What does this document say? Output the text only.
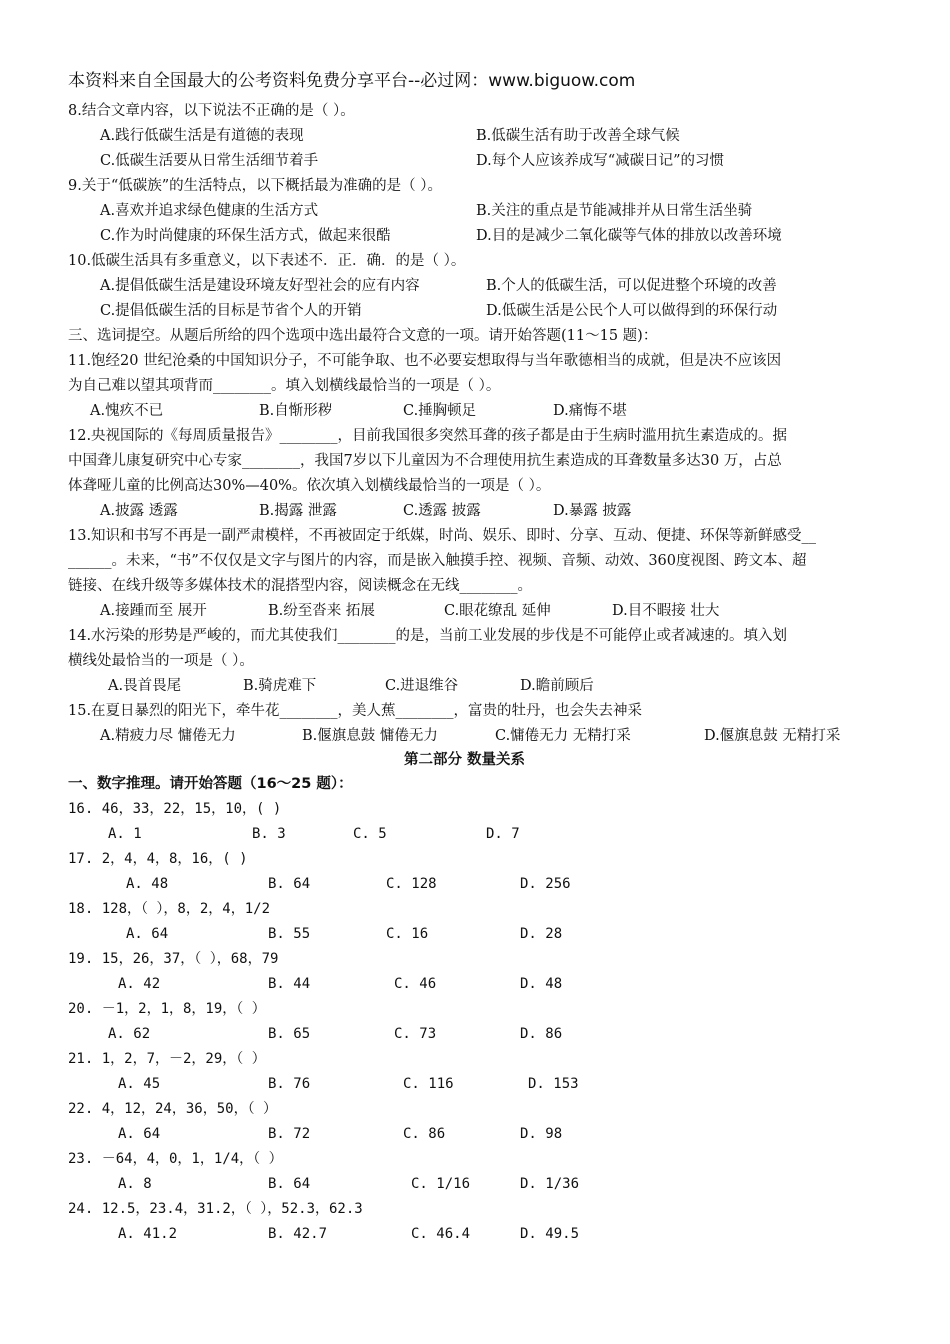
本资料来自全国最大的公考资料免费分享平台--必过网：www.biguow.com
8.结合文章内容，以下说法不正确的是（ ）。
A.践行低碳生活是有道德的表现	B.低碳生活有助于改善全球气候
C.低碳生活要从日常生活细节着手	D.每个人应该养成写“减碳日记”的习惯
9.关于“低碳族”的生活特点，以下概括最为准确的是（ ）。
A.喜欢并追求绿色健康的生活方式	B.关注的重点是节能减排并从日常生活坐骑
C.作为时尚健康的环保生活方式，做起来很酷	D.目的是减少二氧化碳等气体的排放以改善环境
10.低碳生活具有多重意义，以下表述不．正．确．的是（ ）。
A.提倡低碳生活是建设环境友好型社会的应有内容	B.个人的低碳生活，可以促进整个环境的改善
C.提倡低碳生活的目标是节省个人的开销	D.低碳生活是公民个人可以做得到的环保行动
三、选词提空。从题后所给的四个选项中选出最符合文意的一项。请开始答题(11～15 题)：
11.饱经20 世纪沧桑的中国知识分子，不可能争取、也不必要妄想取得与当年歌德相当的成就，但是决不应该因
为自己难以望其项背而________。填入划横线最恰当的一项是（ ）。
A.愧疚不已	B.自惭形秽	C.捶胸顿足	D.痛悔不堪
12.央视国际的《每周质量报告》________，目前我国很多突然耳聋的孩子都是由于生病时滥用抗生素造成的。据
中国聋儿康复研究中心专家________，我国7岁以下儿童因为不合理使用抗生素造成的耳聋数量多达30 万，占总
体聋哑儿童的比例高达30%—40%。依次填入划横线最恰当的一项是（ ）。
A.披露 透露	B.揭露 泄露	C.透露 披露	D.暴露 披露
13.知识和书写不再是一副严肃模样，不再被固定于纸媒，时尚、娱乐、即时、分享、互动、便捷、环保等新鲜感受__
______。未来，“书”不仅仅是文字与图片的内容，而是嵌入触摸手控、视频、音频、动效、360度视图、跨文本、超
链接、在线升级等多媒体技术的混搭型内容，阅读概念在无线________。
A.接踵而至 展开	B.纷至沓来 拓展	C.眼花缭乱 延伸	D.目不暇接 壮大
14.水污染的形势是严峻的，而尤其使我们________的是，当前工业发展的步伐是不可能停止或者减速的。填入划
横线处最恰当的一项是（ ）。
A.畏首畏尾	B.骑虎难下	C.进退维谷	D.瞻前顾后
15.在夏日暴烈的阳光下，牵牛花________，美人蕉________，富贵的牡丹，也会失去神采
A.精疲力尽 慵倦无力	B.偃旗息鼓 慵倦无力	C.慵倦无力 无精打采	D.偃旗息鼓 无精打采
第二部分 数量关系
一、数字推理。请开始答题（16～25 题）：
16. 46，33，22，15，10，( )
A. 1	B. 3	C. 5	D. 7
17. 2，4，4，8，16，( )
A. 48	B. 64	C. 128	D. 256
18. 128，（ ），8，2，4，1/2
A. 64	B. 55	C. 16	D. 28
19. 15，26，37，（ ），68，79
A. 42	B. 44	C. 46	D. 48
20. －1，2，1，8，19，（ ）
A. 62	B. 65	C. 73	D. 86
21. 1，2，7，－2，29，（ ）
A. 45	B. 76	C. 116	D. 153
22. 4，12，24，36，50，（ ）
A. 64	B. 72	C. 86	D. 98
23. －64，4，0，1，1/4，（ ）
A. 8	B. 64	C. 1/16	D. 1/36
24. 12.5，23.4，31.2，（ ），52.3，62.3
A. 41.2	B. 42.7	C. 46.4	D. 49.5
